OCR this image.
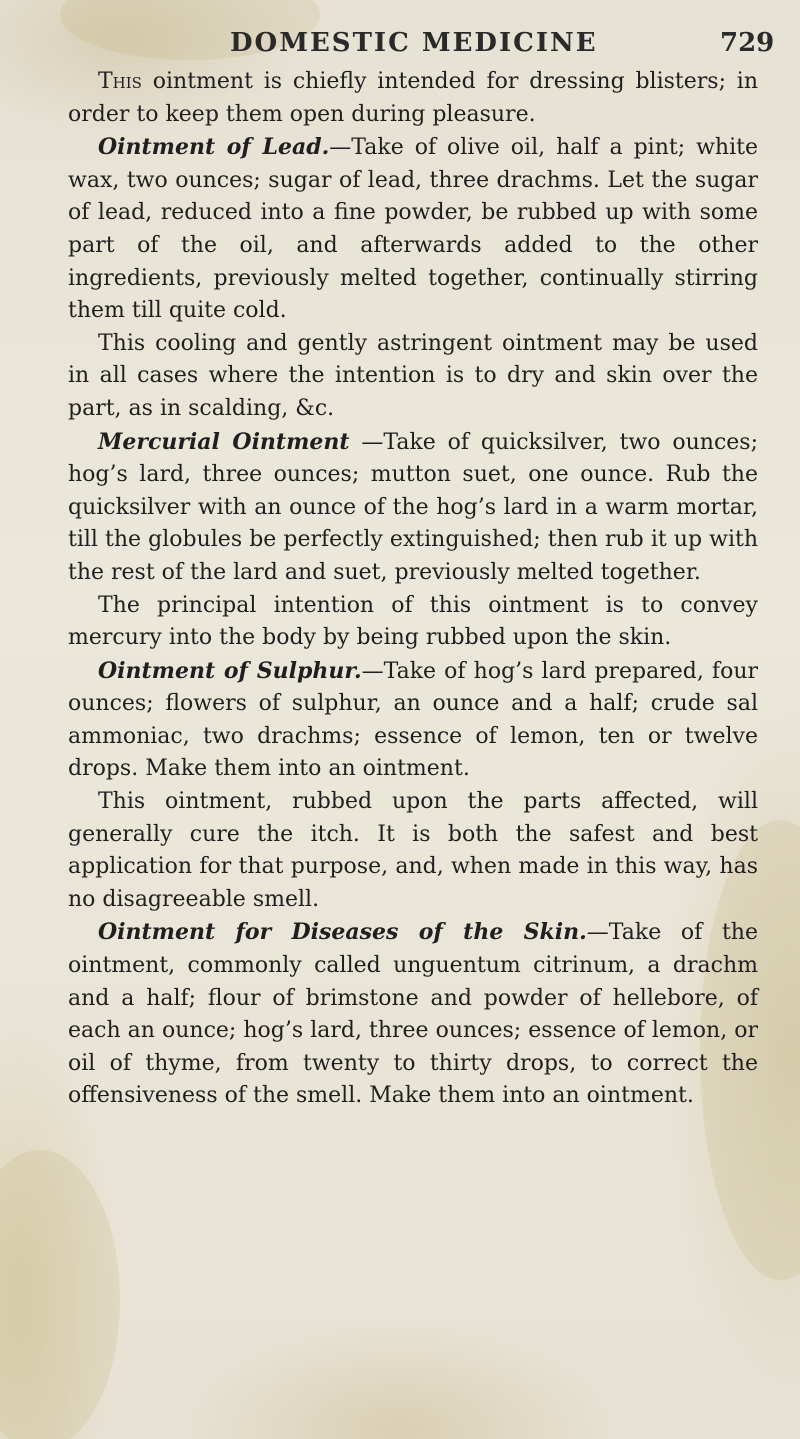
DOMESTIC MEDICINE	729

This ointment is chiefly intended for dressing blisters; in order to keep them open during pleasure.

Ointment of Lead.—Take of olive oil, half a pint; white wax, two ounces; sugar of lead, three drachms. Let the sugar of lead, reduced into a fine powder, be rubbed up with some part of the oil, and afterwards added to the other ingredients, previously melted together, continually stirring them till quite cold.

This cooling and gently astringent ointment may be used in all cases where the intention is to dry and skin over the part, as in scalding, &c.

Mercurial Ointment —Take of quicksilver, two ounces; hog’s lard, three ounces; mutton suet, one ounce. Rub the quicksilver with an ounce of the hog’s lard in a warm mortar, till the globules be perfectly extinguished; then rub it up with the rest of the lard and suet, previously melted together.

The principal intention of this ointment is to convey mercury into the body by being rubbed upon the skin.

Ointment of Sulphur.—Take of hog’s lard prepared, four ounces; flowers of sulphur, an ounce and a half; crude sal ammoniac, two drachms; essence of lemon, ten or twelve drops. Make them into an ointment.

This ointment, rubbed upon the parts affected, will generally cure the itch. It is both the safest and best application for that purpose, and, when made in this way, has no disagreeable smell.

Ointment for Diseases of the Skin.—Take of the ointment, commonly called unguentum citrinum, a drachm and a half; flour of brimstone and powder of hellebore, of each an ounce; hog’s lard, three ounces; essence of lemon, or oil of thyme, from twenty to thirty drops, to correct the offensiveness of the smell. Make them into an ointment.
